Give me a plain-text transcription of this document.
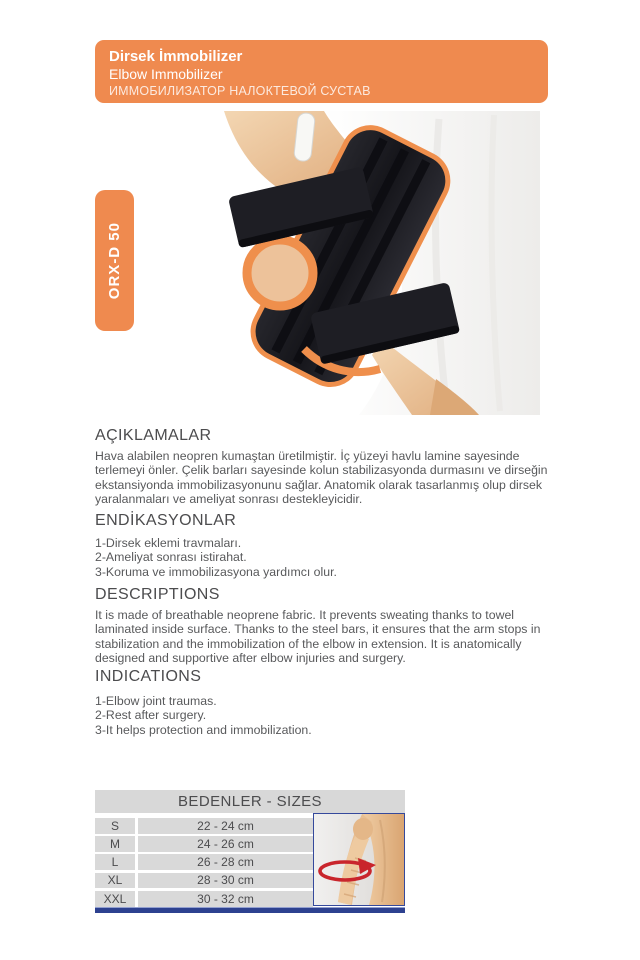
Dirsek İmmobilizer
Elbow Immobilizer
ИММОБИЛИЗАТОР НАЛОКТЕВОЙ СУСТАВ
ORX-D 50
AÇIKLAMALAR
Hava alabilen neopren kumaştan üretilmiştir. İç yüzeyi havlu lamine sayesinde terlemeyi önler. Çelik barları sayesinde kolun stabilizasyonda durmasını ve dirseğin ekstansiyonda immobilizasyonunu sağlar. Anatomik olarak tasarlanmış olup dirsek yaralanmaları ve ameliyat sonrası destekleyicidir.
ENDİKASYONLAR
1-Dirsek eklemi travmaları.
2-Ameliyat sonrası istirahat.
3-Koruma ve immobilizasyona yardımcı olur.
DESCRIPTIONS
It is made of breathable neoprene fabric. It prevents sweating thanks to towel laminated inside surface. Thanks to the steel bars, it ensures that the arm stops in stabilization and the immobilization of the elbow in extension. It is anatomically designed and supportive after elbow injuries and surgery.
INDICATIONS
1-Elbow joint traumas.
2-Rest after surgery.
3-It helps protection and immobilization.
BEDENLER - SIZES
S	22 - 24 cm
M	24 - 26 cm
L	26 - 28 cm
XL	28 - 30 cm
XXL	30 - 32 cm
